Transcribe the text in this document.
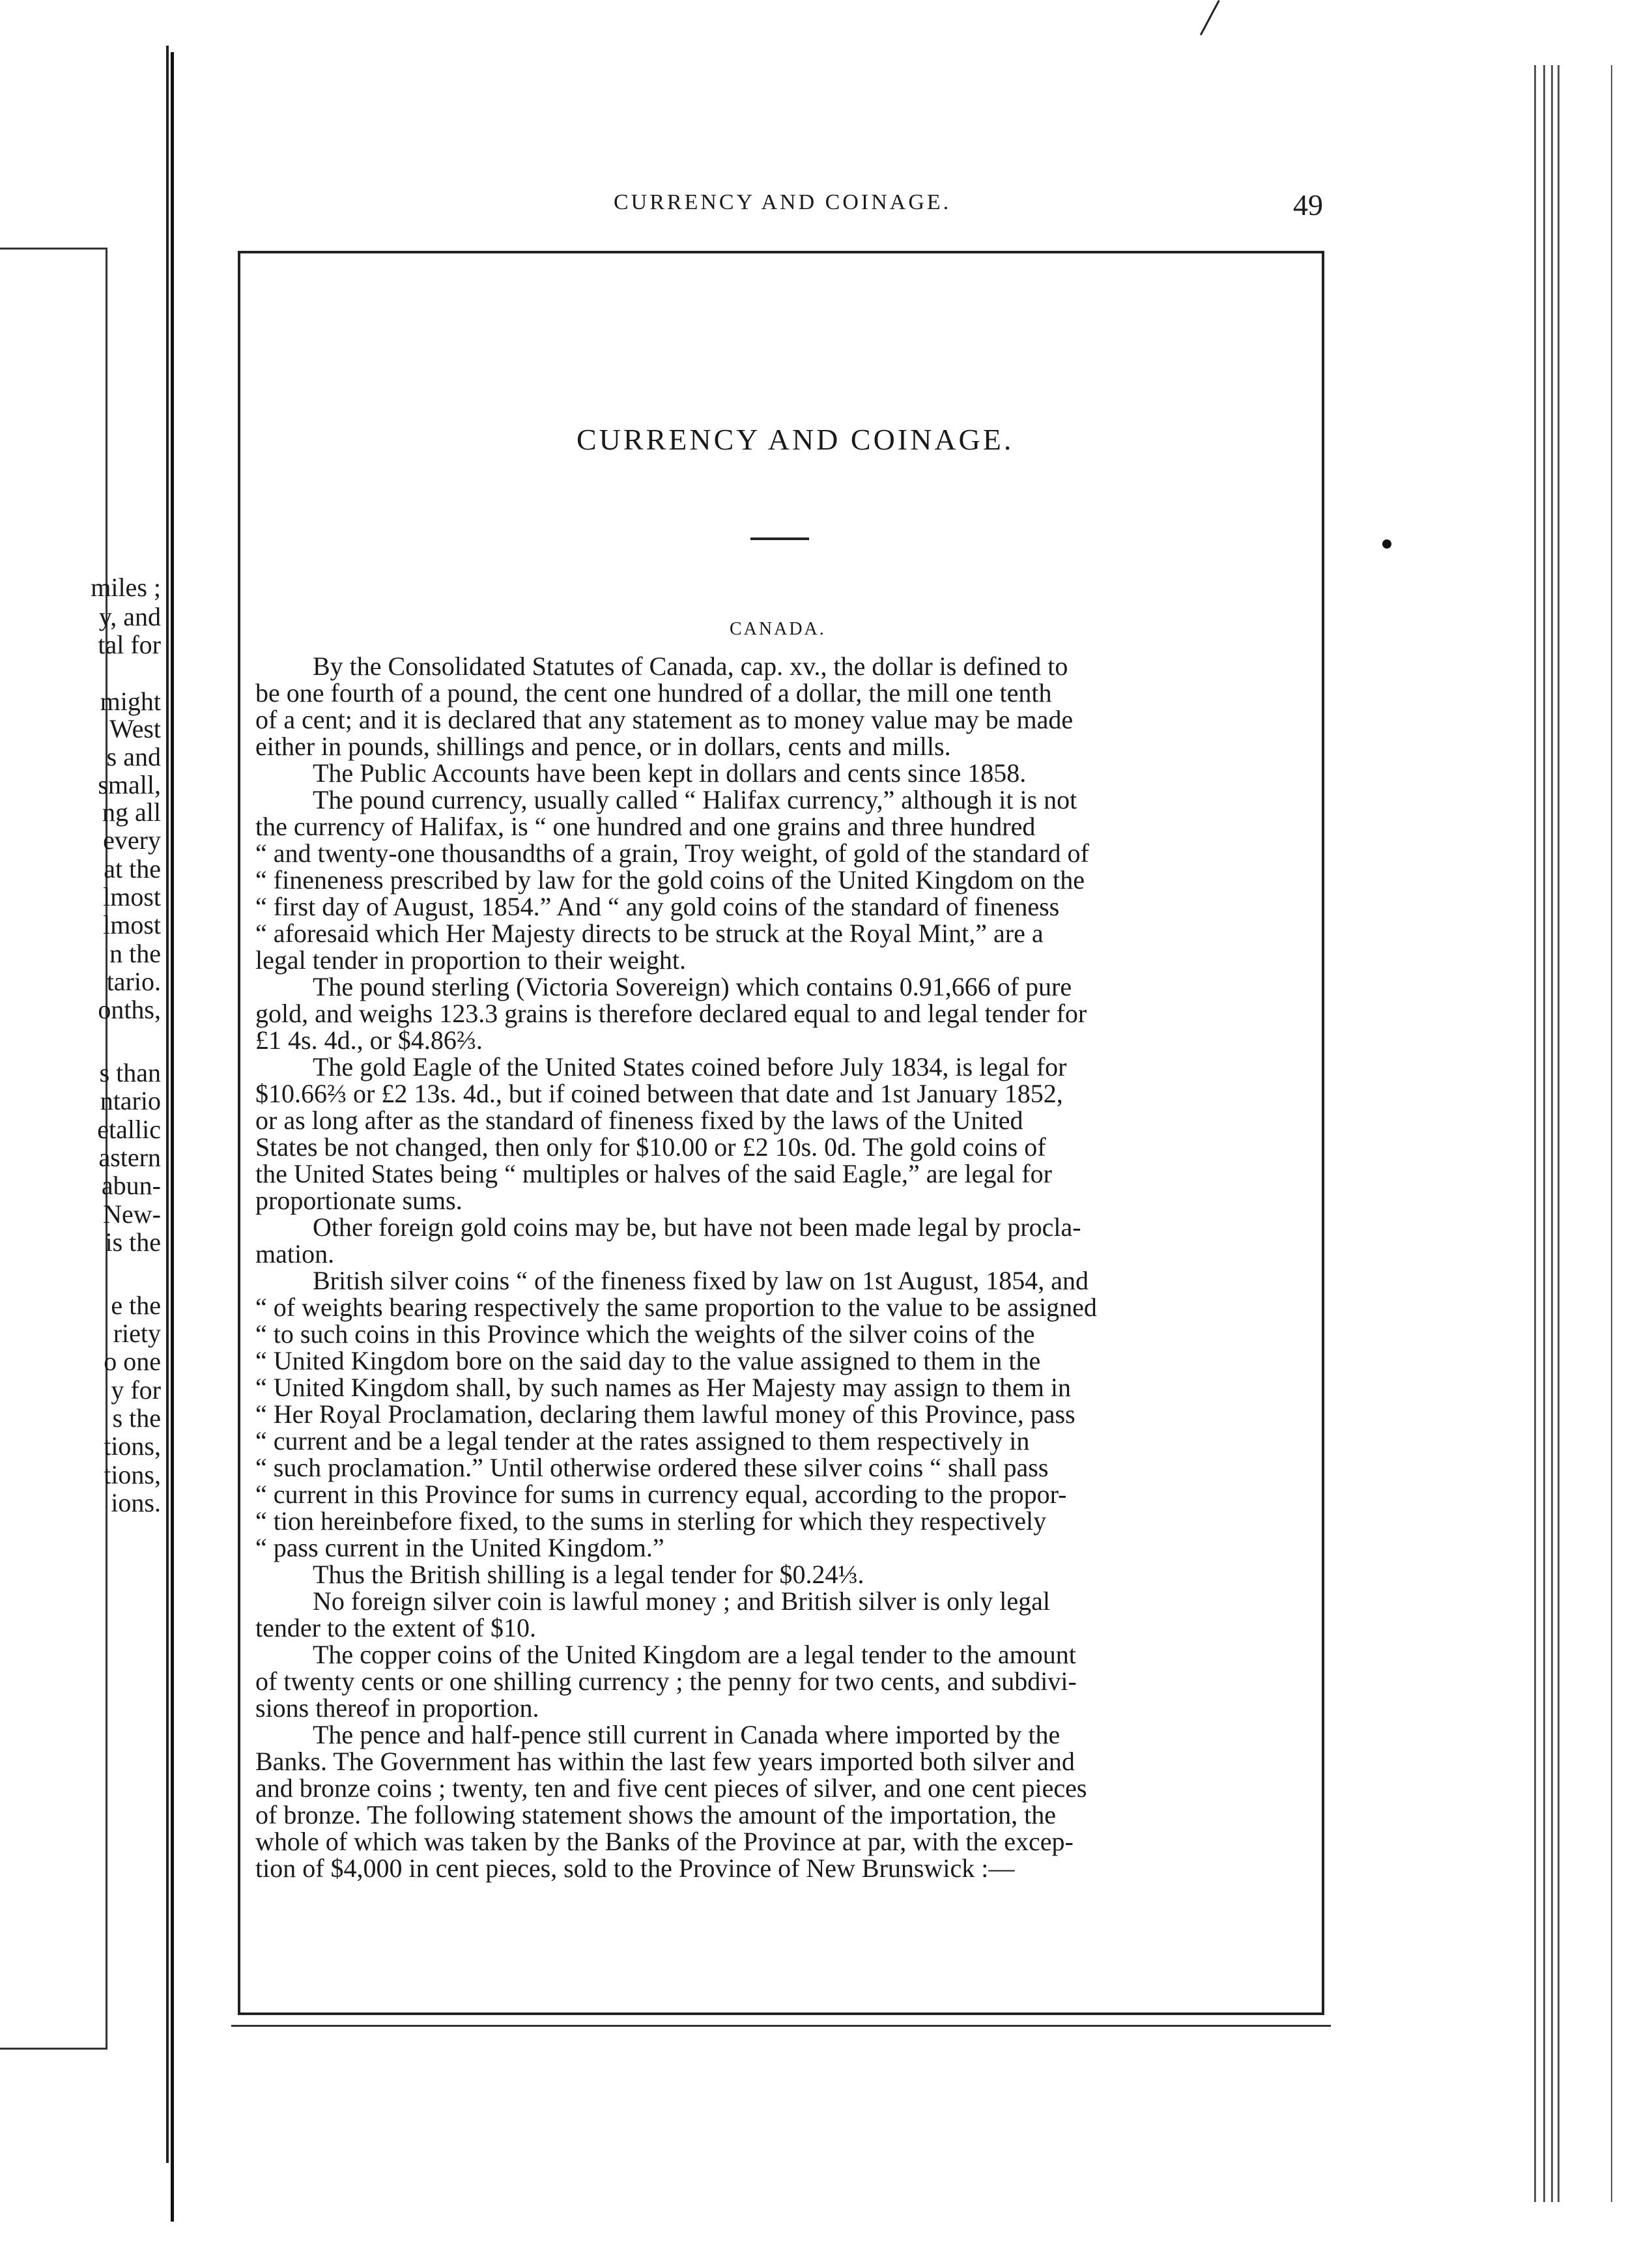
miles ;
y, and
tal for
might
West
s and
small,
ng all
every
at the
lmost
lmost
n the
tario.
onths,
s than
ntario
etallic
astern
abun-
New-
is the
e the
riety
o one
y for
s the
tions,
tions,
ions.
CURRENCY AND COINAGE.	49
CURRENCY AND COINAGE.
CANADA.
By the Consolidated Statutes of Canada, cap. xv., the dollar is defined to
be one fourth of a pound, the cent one hundred of a dollar, the mill one tenth
of a cent; and it is declared that any statement as to money value may be made
either in pounds, shillings and pence, or in dollars, cents and mills.
The Public Accounts have been kept in dollars and cents since 1858.
The pound currency, usually called “ Halifax currency,” although it is not
the currency of Halifax, is “ one hundred and one grains and three hundred
“ and twenty-one thousandths of a grain, Troy weight, of gold of the standard of
“ fineneness prescribed by law for the gold coins of the United Kingdom on the
“ first day of August, 1854.” And “ any gold coins of the standard of fineness
“ aforesaid which Her Majesty directs to be struck at the Royal Mint,” are a
legal tender in proportion to their weight.
The pound sterling (Victoria Sovereign) which contains 0.91,666 of pure
gold, and weighs 123.3 grains is therefore declared equal to and legal tender for
£1 4s. 4d., or $4.86⅔.
The gold Eagle of the United States coined before July 1834, is legal for
$10.66⅔ or £2 13s. 4d., but if coined between that date and 1st January 1852,
or as long after as the standard of fineness fixed by the laws of the United
States be not changed, then only for $10.00 or £2 10s. 0d. The gold coins of
the United States being “ multiples or halves of the said Eagle,” are legal for
proportionate sums.
Other foreign gold coins may be, but have not been made legal by procla-
mation.
British silver coins “ of the fineness fixed by law on 1st August, 1854, and
“ of weights bearing respectively the same proportion to the value to be assigned
“ to such coins in this Province which the weights of the silver coins of the
“ United Kingdom bore on the said day to the value assigned to them in the
“ United Kingdom shall, by such names as Her Majesty may assign to them in
“ Her Royal Proclamation, declaring them lawful money of this Province, pass
“ current and be a legal tender at the rates assigned to them respectively in
“ such proclamation.” Until otherwise ordered these silver coins “ shall pass
“ current in this Province for sums in currency equal, according to the propor-
“ tion hereinbefore fixed, to the sums in sterling for which they respectively
“ pass current in the United Kingdom.”
Thus the British shilling is a legal tender for $0.24⅓.
No foreign silver coin is lawful money ; and British silver is only legal
tender to the extent of $10.
The copper coins of the United Kingdom are a legal tender to the amount
of twenty cents or one shilling currency ; the penny for two cents, and subdivi-
sions thereof in proportion.
The pence and half-pence still current in Canada where imported by the
Banks. The Government has within the last few years imported both silver and
and bronze coins ; twenty, ten and five cent pieces of silver, and one cent pieces
of bronze. The following statement shows the amount of the importation, the
whole of which was taken by the Banks of the Province at par, with the excep-
tion of $4,000 in cent pieces, sold to the Province of New Brunswick :—
